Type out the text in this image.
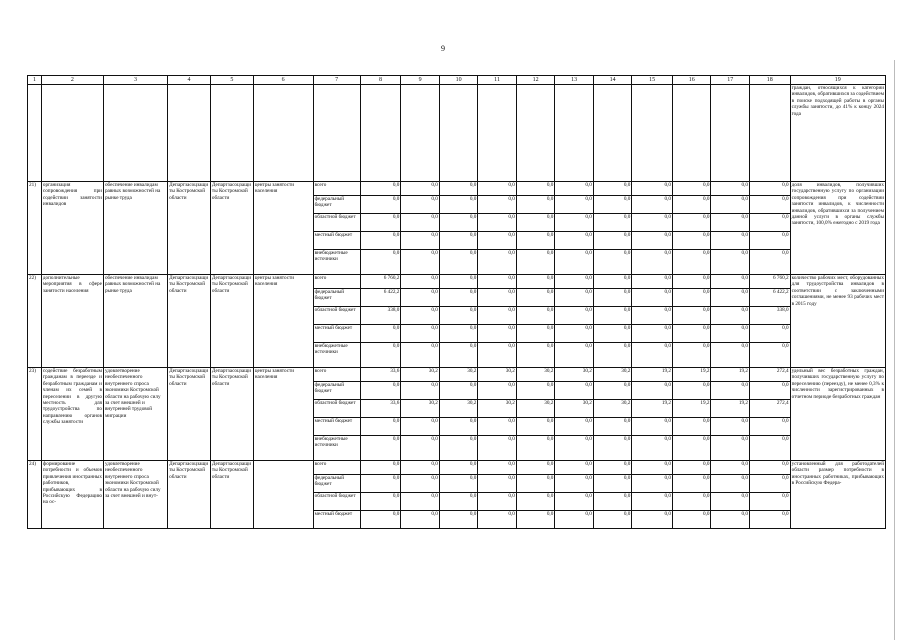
9
1	2	3	4	5	6	7	8	9	10	11	12	13	14	15	16	17	18	19
																		граждан, относящихся к категории инвалидов, обратившихся за содействием в поиске подходящей работы в органы службы занятости, до 41% к концу 2024 года
21)	организация сопровождения при содействии занятости инвалидов	обеспечение инвалидам равных возможностей на рынке труда	Департзасоцзащиты Костромской области	Департзасоцзащиты Костромской области	центры занятости населения	всего	0,0	0,0	0,0	0,0	0,0	0,0	0,0	0,0	0,0	0,0	0,0	доля инвалидов, получивших государственную услугу по организации сопровождения при содействии занятости инвалидов, к численности инвалидов, обратившихся за получением данной услуги в органы службы занятости, 100,0% ежегодно с 2019 года
						федеральный бюджет	0,0	0,0	0,0	0,0	0,0	0,0	0,0	0,0	0,0	0,0	0,0	
						областной бюджет	0,0	0,0	0,0	0,0	0,0	0,0	0,0	0,0	0,0	0,0	0,0	
						местный бюджет	0,0	0,0	0,0	0,0	0,0	0,0	0,0	0,0	0,0	0,0	0,0	
						внебюджетные источники	0,0	0,0	0,0	0,0	0,0	0,0	0,0	0,0	0,0	0,0	0,0	
22)	дополнительные мероприятия в сфере занятости населения	обеспечение инвалидам равных возможностей на рынке труда	Департзасоцзащиты Костромской области	Департзасоцзащиты Костромской области	центры занятости населения	всего	6 760,2	0,0	0,0	0,0	0,0	0,0	0,0	0,0	0,0	0,0	6 760,2	количество рабочих мест, оборудованных для трудоустройства инвалидов в соответствии с заключенными соглашениями, не менее 93 рабочих мест в 2015 году
						федеральный бюджет	6 422,2	0,0	0,0	0,0	0,0	0,0	0,0	0,0	0,0	0,0	6 422,2	
						областной бюджет	338,0	0,0	0,0	0,0	0,0	0,0	0,0	0,0	0,0	0,0	338,0	
						местный бюджет	0,0	0,0	0,0	0,0	0,0	0,0	0,0	0,0	0,0	0,0	0,0	
						внебюджетные источники	0,0	0,0	0,0	0,0	0,0	0,0	0,0	0,0	0,0	0,0	0,0	
23)	содействие безработным гражданам в переезде и безработным гражданам и членам их семей в переселении в другую местность для трудоустройства по направлению органов службы занятости	удовлетворение необеспеченного внутреннего спроса экономики Костромской области на рабочую силу за счет внешней и внутренней трудовой миграции	Департзасоцзащиты Костромской области	Департзасоцзащиты Костромской области	центры занятости населения	всего	33,6	30,2	30,2	30,2	30,2	30,2	30,2	19,2	19,2	19,2	272,4	удельный вес безработных граждан, получивших государственную услугу по переселению (переезду), не менее 0,3% к численности зарегистрированных в отчетном периоде безработных граждан
						федеральный бюджет	0,0	0,0	0,0	0,0	0,0	0,0	0,0	0,0	0,0	0,0	0,0	
						областной бюджет	33,6	30,2	30,2	30,2	30,2	30,2	30,2	19,2	19,2	19,2	272,4	
						местный бюджет	0,0	0,0	0,0	0,0	0,0	0,0	0,0	0,0	0,0	0,0	0,0	
						внебюджетные источники	0,0	0,0	0,0	0,0	0,0	0,0	0,0	0,0	0,0	0,0	0,0	
24)	формирование потребности и объемов привлечения иностранных работников, прибывающих в Российскую Федерацию на ос-	удовлетворение необеспеченного внутреннего спроса экономики Костромской области на рабочую силу за счет внешней и внут-	Департзасоцзащиты Костромской области	Департзасоцзащиты Костромской области		всего	0,0	0,0	0,0	0,0	0,0	0,0	0,0	0,0	0,0	0,0	0,0	установленный для работодателей области размер потребности в иностранных работниках, прибывающих в Российскую Федера-
						федеральный бюджет	0,0	0,0	0,0	0,0	0,0	0,0	0,0	0,0	0,0	0,0	0,0	
						областной бюджет	0,0	0,0	0,0	0,0	0,0	0,0	0,0	0,0	0,0	0,0	0,0	
						местный бюджет	0,0	0,0	0,0	0,0	0,0	0,0	0,0	0,0	0,0	0,0	0,0	
